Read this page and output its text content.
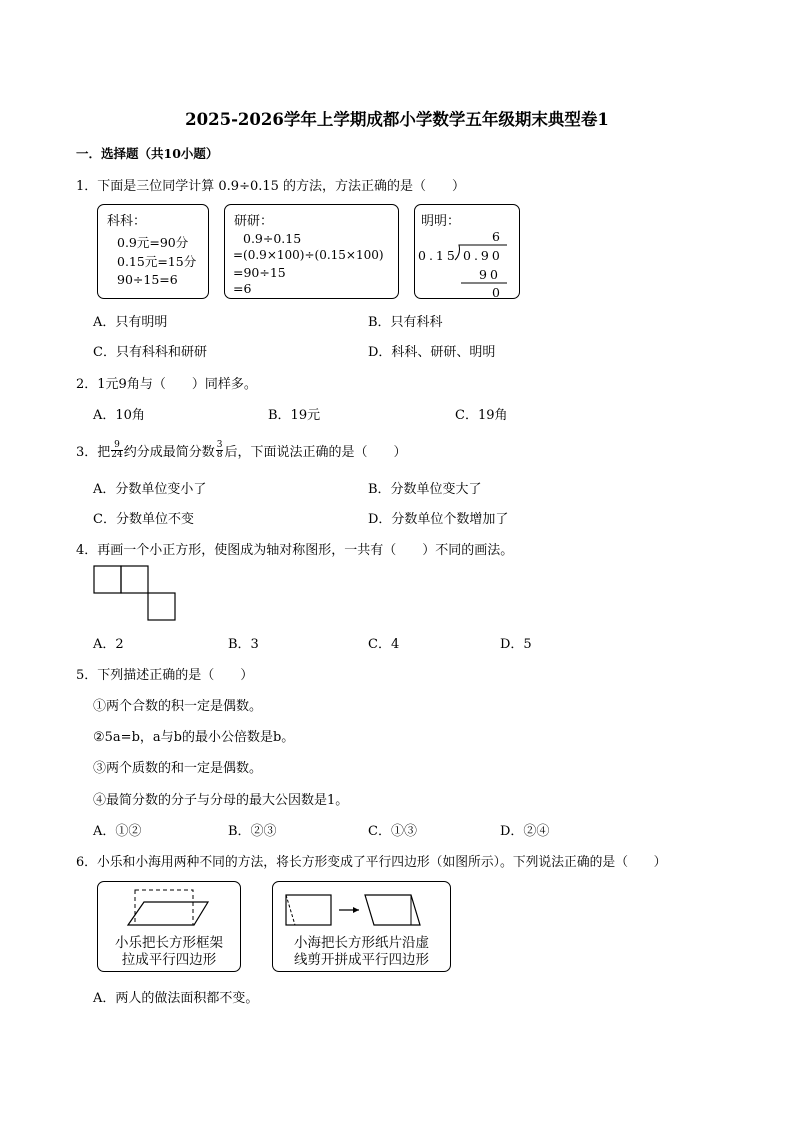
2025-2026学年上学期成都小学数学五年级期末典型卷1
一．选择题（共10小题）
1．下面是三位同学计算 0.9÷0.15 的方法，方法正确的是（　　）
科科：
0.9元=90分
0.15元=15分
90÷15=6
研研：
0.9÷0.15
=(0.9×100)÷(0.15×100)
=90÷15
=6
明明：
6
0.15 0.90
90
0
A．只有明明	B．只有科科
C．只有科科和研研	D．科科、研研、明明
2．1元9角与（　　）同样多。
A．10角	B．19元	C．19角
3．把 $\frac{9}{24}$ 约分成最简分数 $\frac{3}{8}$ 后，下面说法正确的是（　　）
A．分数单位变小了	B．分数单位变大了
C．分数单位不变	D．分数单位个数增加了
4．再画一个小正方形，使图成为轴对称图形，一共有（　　）不同的画法。
A．2	B．3	C．4	D．5
5．下列描述正确的是（　　）
①两个合数的积一定是偶数。
②5a=b，a与b的最小公倍数是b。
③两个质数的和一定是偶数。
④最简分数的分子与分母的最大公因数是1。
A．①②	B．②③	C．①③	D．②④
6．小乐和小海用两种不同的方法，将长方形变成了平行四边形（如图所示）。下列说法正确的是（　　）
小乐把长方形框架
拉成平行四边形
小海把长方形纸片沿虚
线剪开拼成平行四边形
A．两人的做法面积都不变。
